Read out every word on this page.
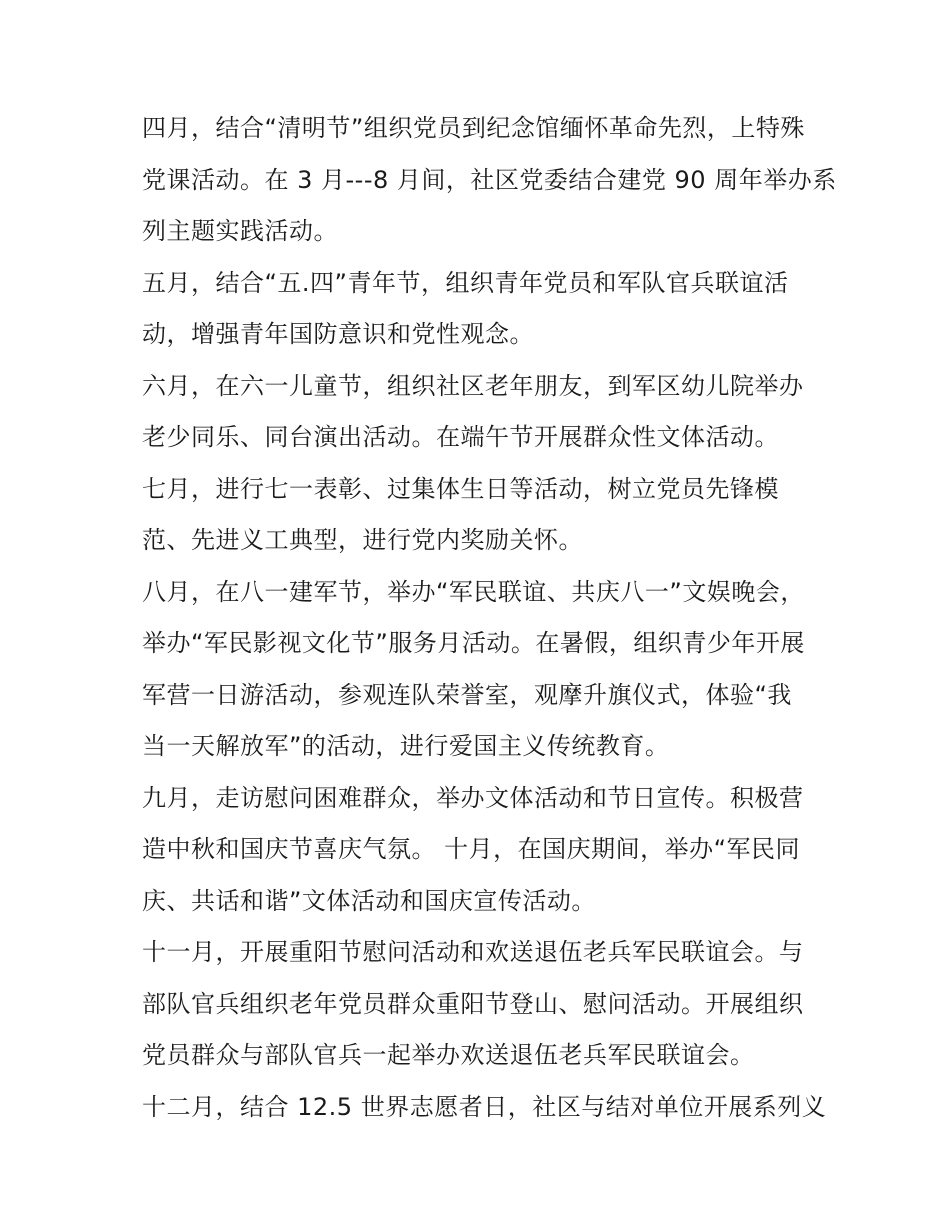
四月，结合“清明节”组织党员到纪念馆缅怀革命先烈，上特殊
党课活动。在 3 月---8 月间，社区党委结合建党 90 周年举办系
列主题实践活动。

五月，结合“五.四”青年节，组织青年党员和军队官兵联谊活
动，增强青年国防意识和党性观念。

六月，在六一儿童节，组织社区老年朋友，到军区幼儿院举办
老少同乐、同台演出活动。在端午节开展群众性文体活动。

七月，进行七一表彰、过集体生日等活动，树立党员先锋模
范、先进义工典型，进行党内奖励关怀。

八月，在八一建军节，举办“军民联谊、共庆八一”文娱晚会，
举办“军民影视文化节”服务月活动。在暑假，组织青少年开展
军营一日游活动，参观连队荣誉室，观摩升旗仪式，体验“我
当一天解放军”的活动，进行爱国主义传统教育。

九月，走访慰问困难群众，举办文体活动和节日宣传。积极营
造中秋和国庆节喜庆气氛。 十月，在国庆期间，举办“军民同
庆、共话和谐”文体活动和国庆宣传活动。

十一月，开展重阳节慰问活动和欢送退伍老兵军民联谊会。与
部队官兵组织老年党员群众重阳节登山、慰问活动。开展组织
党员群众与部队官兵一起举办欢送退伍老兵军民联谊会。

十二月，结合 12.5 世界志愿者日，社区与结对单位开展系列义
